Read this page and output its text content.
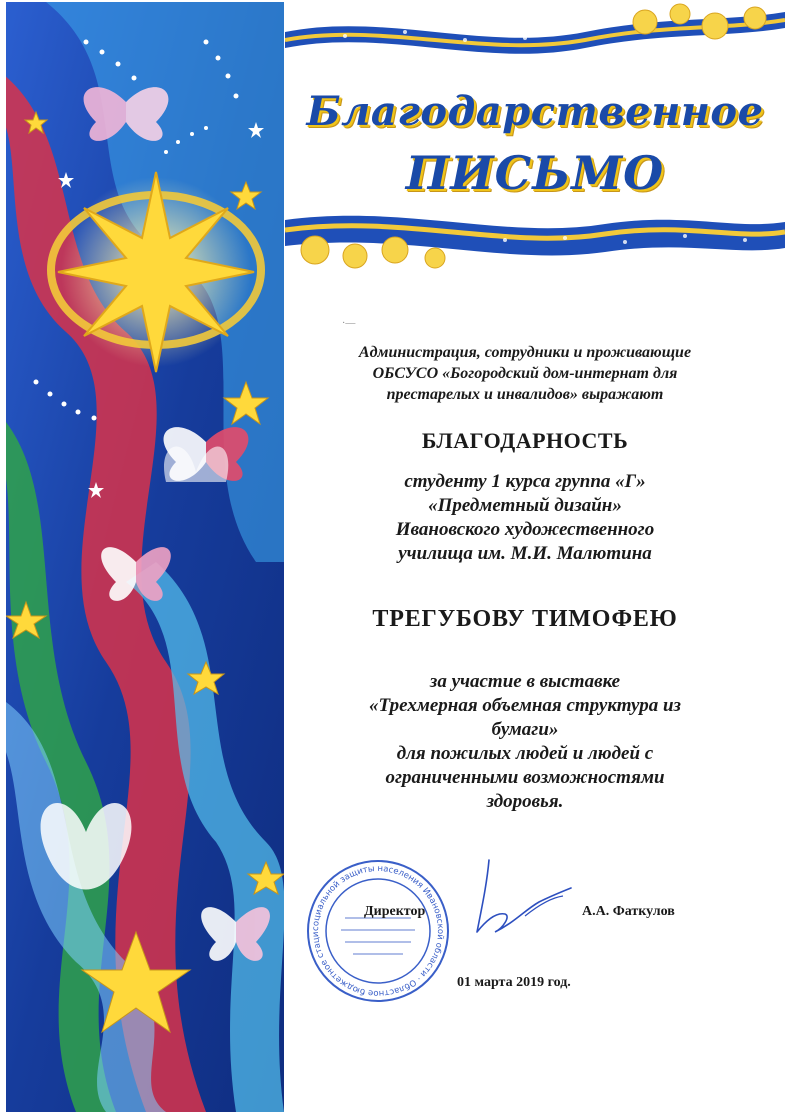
Благодарственное
ПИСЬМО
·—
Администрация, сотрудники и проживающие
ОБСУСО «Богородский дом-интернат для
престарелых и инвалидов» выражают
БЛАГОДАРНОСТЬ
студенту 1 курса группа «Г»
«Предметный дизайн»
Ивановского художественного
училища им. М.И. Малютина
ТРЕГУБОВУ ТИМОФЕЮ
за участие в выставке
«Трехмерная объемная структура из
бумаги»
для пожилых людей и людей с
ограниченными возможностями
здоровья.
социальной защиты населения Ивановской области · Областное бюджетное стаци
Директор	А.А. Фаткулов
01 марта 2019 год.
